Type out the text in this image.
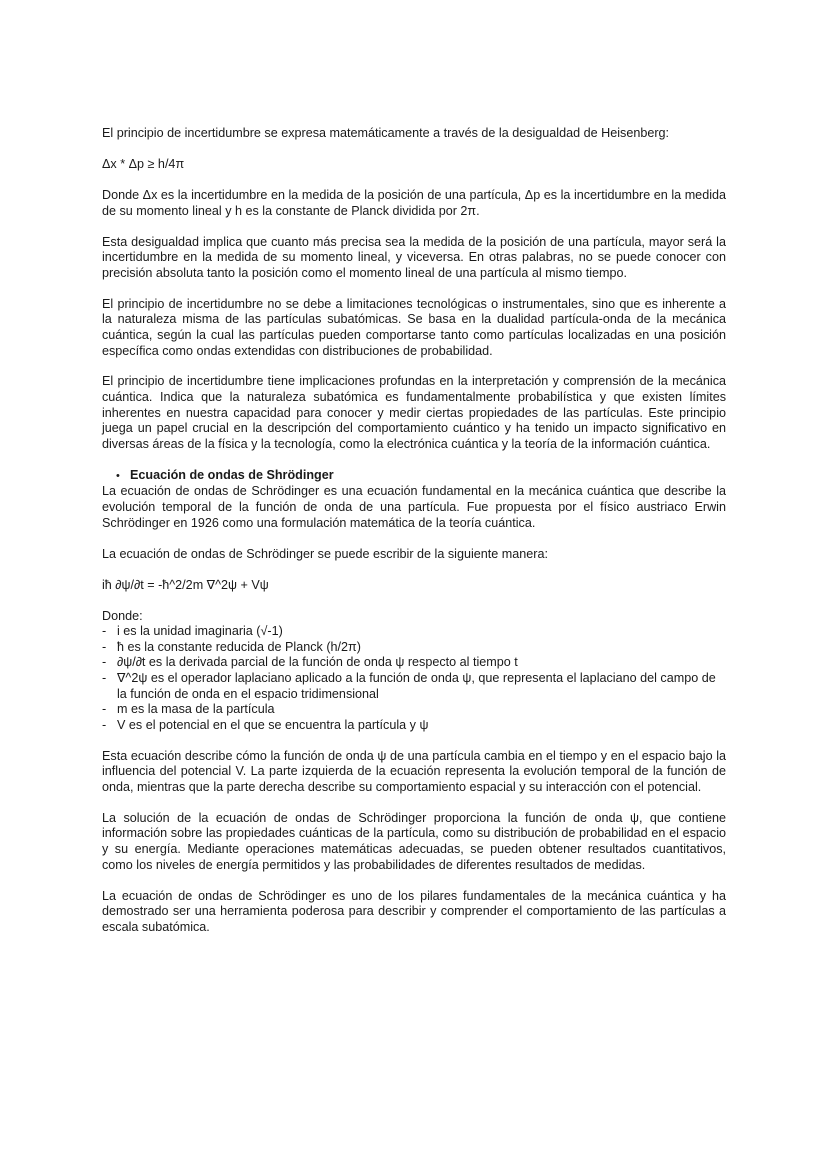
El principio de incertidumbre se expresa matemáticamente a través de la desigualdad de Heisenberg:

Δx * Δp ≥ h/4π

Donde Δx es la incertidumbre en la medida de la posición de una partícula, Δp es la incertidumbre en la medida de su momento lineal y h es la constante de Planck dividida por 2π.

Esta desigualdad implica que cuanto más precisa sea la medida de la posición de una partícula, mayor será la incertidumbre en la medida de su momento lineal, y viceversa. En otras palabras, no se puede conocer con precisión absoluta tanto la posición como el momento lineal de una partícula al mismo tiempo.

El principio de incertidumbre no se debe a limitaciones tecnológicas o instrumentales, sino que es inherente a la naturaleza misma de las partículas subatómicas. Se basa en la dualidad partícula-onda de la mecánica cuántica, según la cual las partículas pueden comportarse tanto como partículas localizadas en una posición específica como ondas extendidas con distribuciones de probabilidad.

El principio de incertidumbre tiene implicaciones profundas en la interpretación y comprensión de la mecánica cuántica. Indica que la naturaleza subatómica es fundamentalmente probabilística y que existen límites inherentes en nuestra capacidad para conocer y medir ciertas propiedades de las partículas. Este principio juega un papel crucial en la descripción del comportamiento cuántico y ha tenido un impacto significativo en diversas áreas de la física y la tecnología, como la electrónica cuántica y la teoría de la información cuántica.

• Ecuación de ondas de Shrödinger

La ecuación de ondas de Schrödinger es una ecuación fundamental en la mecánica cuántica que describe la evolución temporal de la función de onda de una partícula. Fue propuesta por el físico austriaco Erwin Schrödinger en 1926 como una formulación matemática de la teoría cuántica.

La ecuación de ondas de Schrödinger se puede escribir de la siguiente manera:

iħ ∂ψ/∂t = -ħ^2/2m ∇^2ψ + Vψ

Donde:

- i es la unidad imaginaria (√-1)
- ħ es la constante reducida de Planck (h/2π)
- ∂ψ/∂t es la derivada parcial de la función de onda ψ respecto al tiempo t
- ∇^2ψ es el operador laplaciano aplicado a la función de onda ψ, que representa el laplaciano del campo de la función de onda en el espacio tridimensional
- m es la masa de la partícula
- V es el potencial en el que se encuentra la partícula y ψ

Esta ecuación describe cómo la función de onda ψ de una partícula cambia en el tiempo y en el espacio bajo la influencia del potencial V. La parte izquierda de la ecuación representa la evolución temporal de la función de onda, mientras que la parte derecha describe su comportamiento espacial y su interacción con el potencial.

La solución de la ecuación de ondas de Schrödinger proporciona la función de onda ψ, que contiene información sobre las propiedades cuánticas de la partícula, como su distribución de probabilidad en el espacio y su energía. Mediante operaciones matemáticas adecuadas, se pueden obtener resultados cuantitativos, como los niveles de energía permitidos y las probabilidades de diferentes resultados de medidas.

La ecuación de ondas de Schrödinger es uno de los pilares fundamentales de la mecánica cuántica y ha demostrado ser una herramienta poderosa para describir y comprender el comportamiento de las partículas a escala subatómica.
